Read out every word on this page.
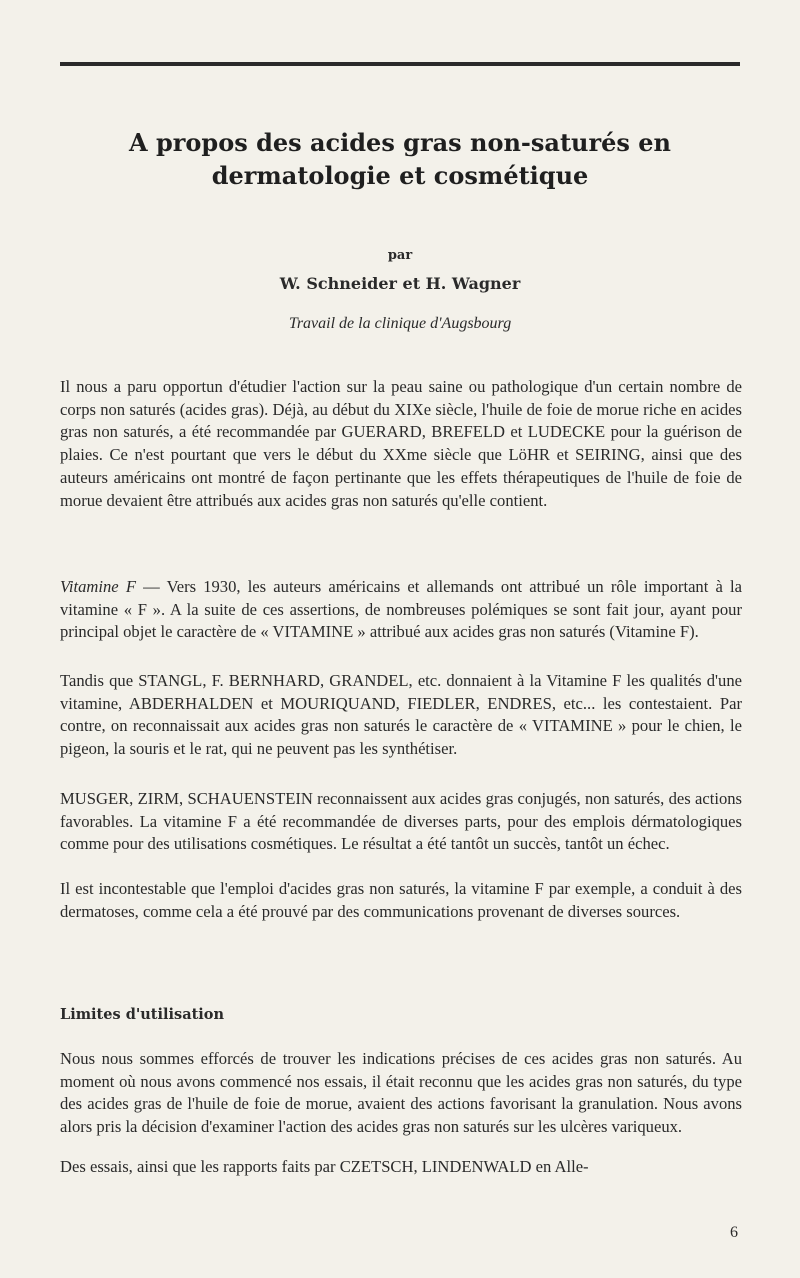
A propos des acides gras non-saturés en dermatologie et cosmétique
par
W. Schneider et H. Wagner
Travail de la clinique d'Augsbourg

Il nous a paru opportun d'étudier l'action sur la peau saine ou pathologique d'un certain nombre de corps non saturés (acides gras). Déjà, au début du XIXe siècle, l'huile de foie de morue riche en acides gras non saturés, a été recommandée par GUERARD, BREFELD et LUDECKE pour la guérison de plaies. Ce n'est pourtant que vers le début du XXme siècle que LöHR et SEIRING, ainsi que des auteurs américains ont montré de façon pertinante que les effets thérapeutiques de l'huile de foie de morue devaient être attribués aux acides gras non saturés qu'elle contient.

Vitamine F — Vers 1930, les auteurs américains et allemands ont attribué un rôle important à la vitamine « F ». A la suite de ces assertions, de nombreuses polémiques se sont fait jour, ayant pour principal objet le caractère de « VITAMINE » attribué aux acides gras non saturés (Vitamine F).

Tandis que STANGL, F. BERNHARD, GRANDEL, etc. donnaient à la Vitamine F les qualités d'une vitamine, ABDERHALDEN et MOURIQUAND, FIEDLER, ENDRES, etc... les contestaient. Par contre, on reconnaissait aux acides gras non saturés le caractère de « VITAMINE » pour le chien, le pigeon, la souris et le rat, qui ne peuvent pas les synthétiser.

MUSGER, ZIRM, SCHAUENSTEIN reconnaissent aux acides gras conjugés, non saturés, des actions favorables. La vitamine F a été recommandée de diverses parts, pour des emplois dérmatologiques comme pour des utilisations cosmétiques. Le résultat a été tantôt un succès, tantôt un échec.

Il est incontestable que l'emploi d'acides gras non saturés, la vitamine F par exemple, a conduit à des dermatoses, comme cela a été prouvé par des communications provenant de diverses sources.

Limites d'utilisation

Nous nous sommes efforcés de trouver les indications précises de ces acides gras non saturés. Au moment où nous avons commencé nos essais, il était reconnu que les acides gras non saturés, du type des acides gras de l'huile de foie de morue, avaient des actions favorisant la granulation. Nous avons alors pris la décision d'examiner l'action des acides gras non saturés sur les ulcères variqueux.

Des essais, ainsi que les rapports faits par CZETSCH, LINDENWALD en Alle-

6
